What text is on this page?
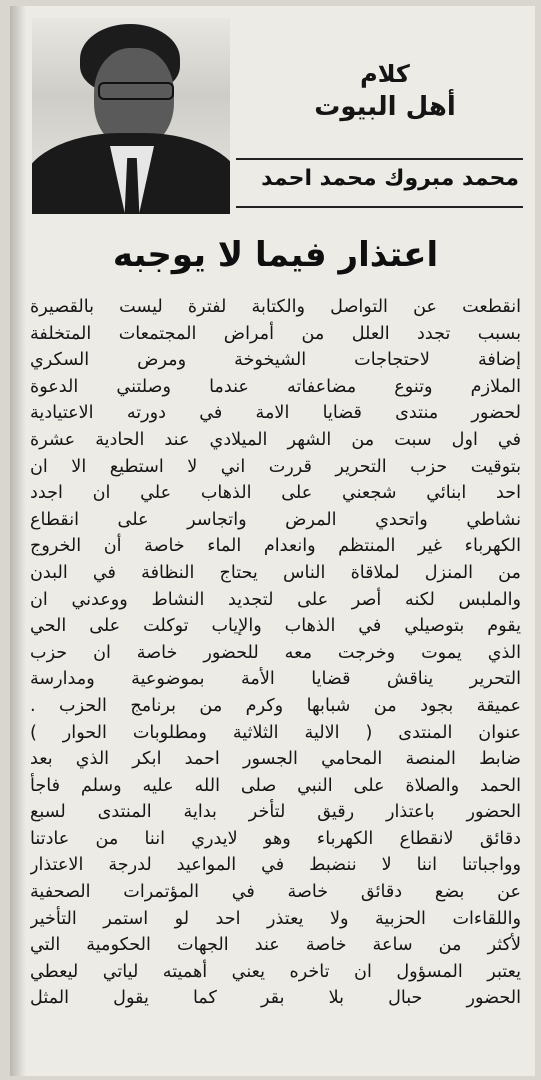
كلام
أهل البيوت
محمد مبروك محمد احمد
اعتذار فيما لا يوجبه
انقطعت عن التواصل والكتابة لفترة ليست بالقصيرة
بسبب تجدد العلل من أمراض المجتمعات المتخلفة
إضافة لاحتجاجات الشيخوخة ومرض السكري
الملازم وتنوع مضاعفاته عندما وصلتني الدعوة
لحضور منتدى قضايا الامة في دورته الاعتيادية
في اول سبت من الشهر الميلادي عند الحادية عشرة
بتوقيت حزب التحرير قررت اني لا استطيع الا ان
احد ابنائي شجعني على الذهاب علي ان اجدد
نشاطي واتحدي المرض واتجاسر على انقطاع
الكهرباء غير المنتظم وانعدام الماء خاصة أن الخروج
من المنزل لملاقاة الناس يحتاج النظافة في البدن
والملبس لكنه أصر على لتجديد النشاط ووعدني ان
يقوم بتوصيلي في الذهاب والإياب توكلت على الحي
الذي يموت وخرجت معه للحضور خاصة ان حزب
التحرير يناقش قضايا الأمة بموضوعية ومدارسة
عميقة بجود من شبابها وكرم من برنامج الحزب .
عنوان المنتدى ( الالية الثلاثية ومطلوبات الحوار )
ضابط المنصة المحامي الجسور احمد ابكر الذي بعد
الحمد والصلاة على النبي صلى الله عليه وسلم فاجأ
الحضور باعتذار رقيق لتأخر بداية المنتدى لسبع
دقائق لانقطاع الكهرباء وهو لايدري اننا من عادتنا
وواجباتنا اننا لا ننضبط في المواعيد لدرجة الاعتذار
عن بضع دقائق خاصة في المؤتمرات الصحفية
واللقاءات الحزبية ولا يعتذر احد لو استمر التأخير
لأكثر من ساعة خاصة عند الجهات الحكومية التي
يعتبر المسؤول ان تاخره يعني أهميته لياتي ليعطي
الحضور حبال بلا بقر كما يقول المثل
